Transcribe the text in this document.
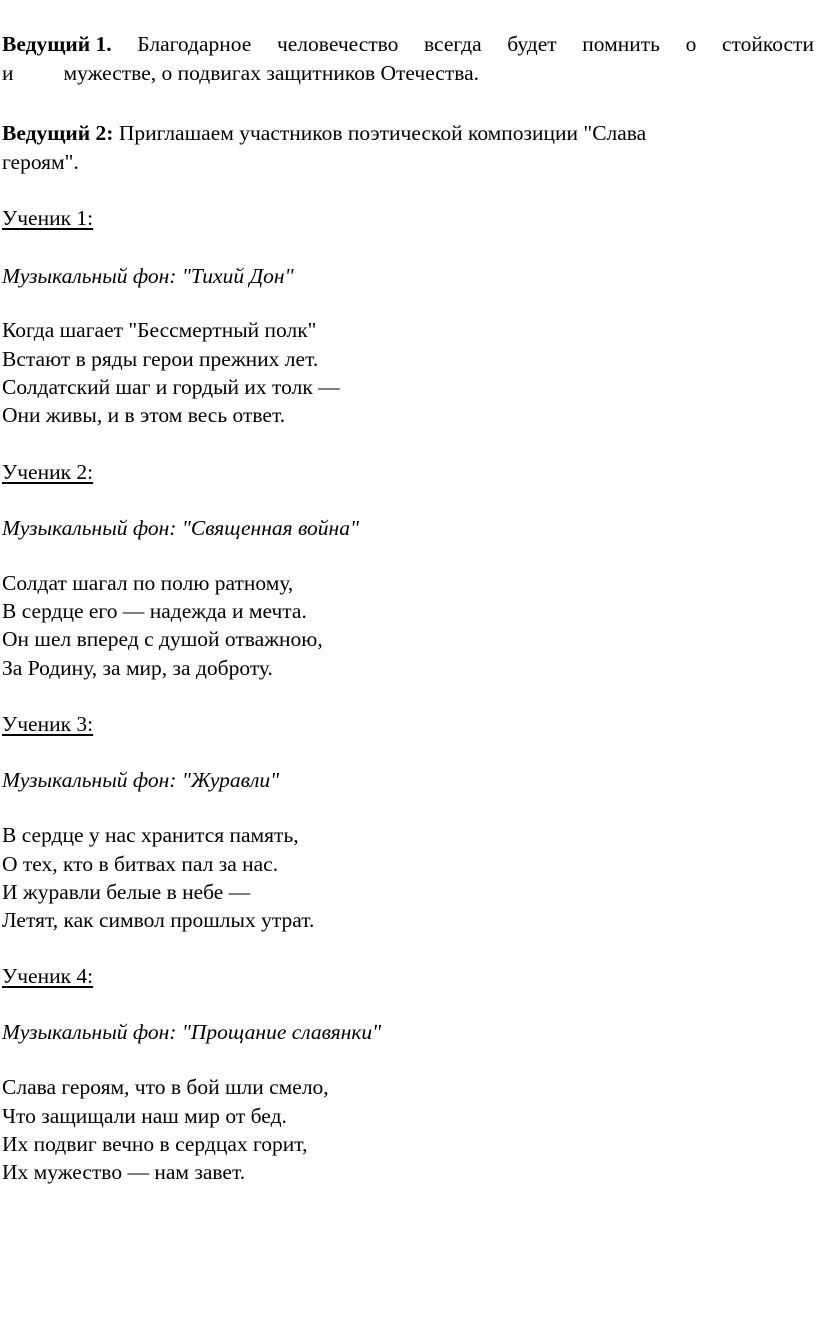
Ведущий 1. Благодарное человечество всегда будет помнить о стойкости
и мужестве, о подвигах защитников Отечества.
Ведущий 2: Приглашаем участников поэтической композиции "Слава
героям".
Ученик 1:
Музыкальный фон: "Тихий Дон"
Когда шагает "Бессмертный полк"
Встают в ряды герои прежних лет.
Солдатский шаг и гордый их толк —
Они живы, и в этом весь ответ.
Ученик 2:
Музыкальный фон: "Священная война"
Солдат шагал по полю ратному,
В сердце его — надежда и мечта.
Он шел вперед с душой отважною,
За Родину, за мир, за доброту.
Ученик 3:
Музыкальный фон: "Журавли"
В сердце у нас хранится память,
О тех, кто в битвах пал за нас.
И журавли белые в небе —
Летят, как символ прошлых утрат.
Ученик 4:
Музыкальный фон: "Прощание славянки"
Слава героям, что в бой шли смело,
Что защищали наш мир от бед.
Их подвиг вечно в сердцах горит,
Их мужество — нам завет.
